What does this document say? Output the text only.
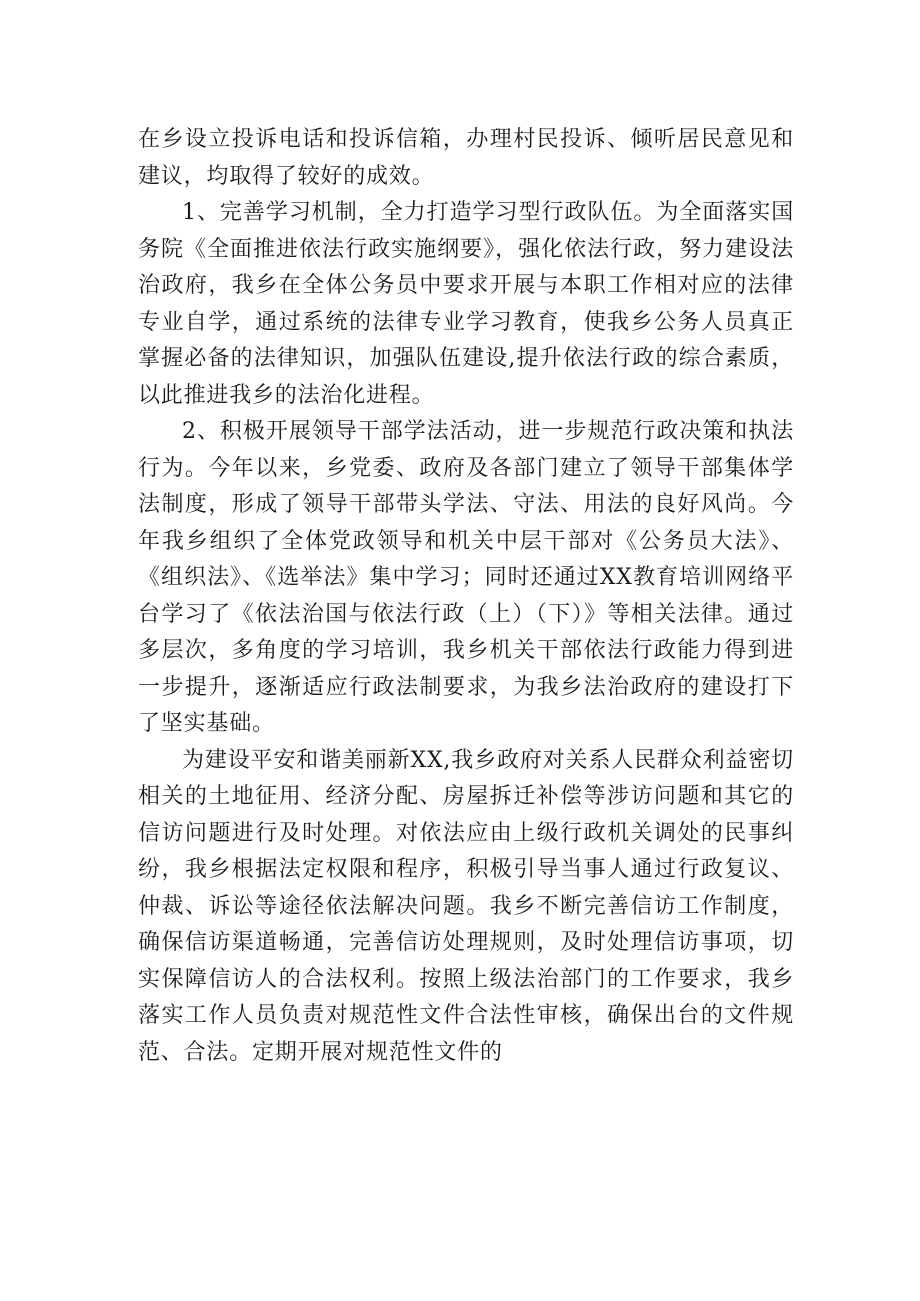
在乡设立投诉电话和投诉信箱，办理村民投诉、倾听居民意见和建议，均取得了较好的成效。

1、完善学习机制，全力打造学习型行政队伍。为全面落实国务院《全面推进依法行政实施纲要》，强化依法行政，努力建设法治政府，我乡在全体公务员中要求开展与本职工作相对应的法律专业自学，通过系统的法律专业学习教育，使我乡公务人员真正掌握必备的法律知识，加强队伍建设,提升依法行政的综合素质，以此推进我乡的法治化进程。

2、积极开展领导干部学法活动，进一步规范行政决策和执法行为。今年以来，乡党委、政府及各部门建立了领导干部集体学法制度，形成了领导干部带头学法、守法、用法的良好风尚。今年我乡组织了全体党政领导和机关中层干部对《公务员大法》、《组织法》、《选举法》集中学习；同时还通过XX教育培训网络平台学习了《依法治国与依法行政（上）（下）》等相关法律。通过多层次，多角度的学习培训，我乡机关干部依法行政能力得到进一步提升，逐渐适应行政法制要求，为我乡法治政府的建设打下了坚实基础。

为建设平安和谐美丽新XX,我乡政府对关系人民群众利益密切相关的土地征用、经济分配、房屋拆迁补偿等涉访问题和其它的信访问题进行及时处理。对依法应由上级行政机关调处的民事纠纷，我乡根据法定权限和程序，积极引导当事人通过行政复议、仲裁、诉讼等途径依法解决问题。我乡不断完善信访工作制度，确保信访渠道畅通，完善信访处理规则，及时处理信访事项，切实保障信访人的合法权利。按照上级法治部门的工作要求，我乡落实工作人员负责对规范性文件合法性审核，确保出台的文件规范、合法。定期开展对规范性文件的
